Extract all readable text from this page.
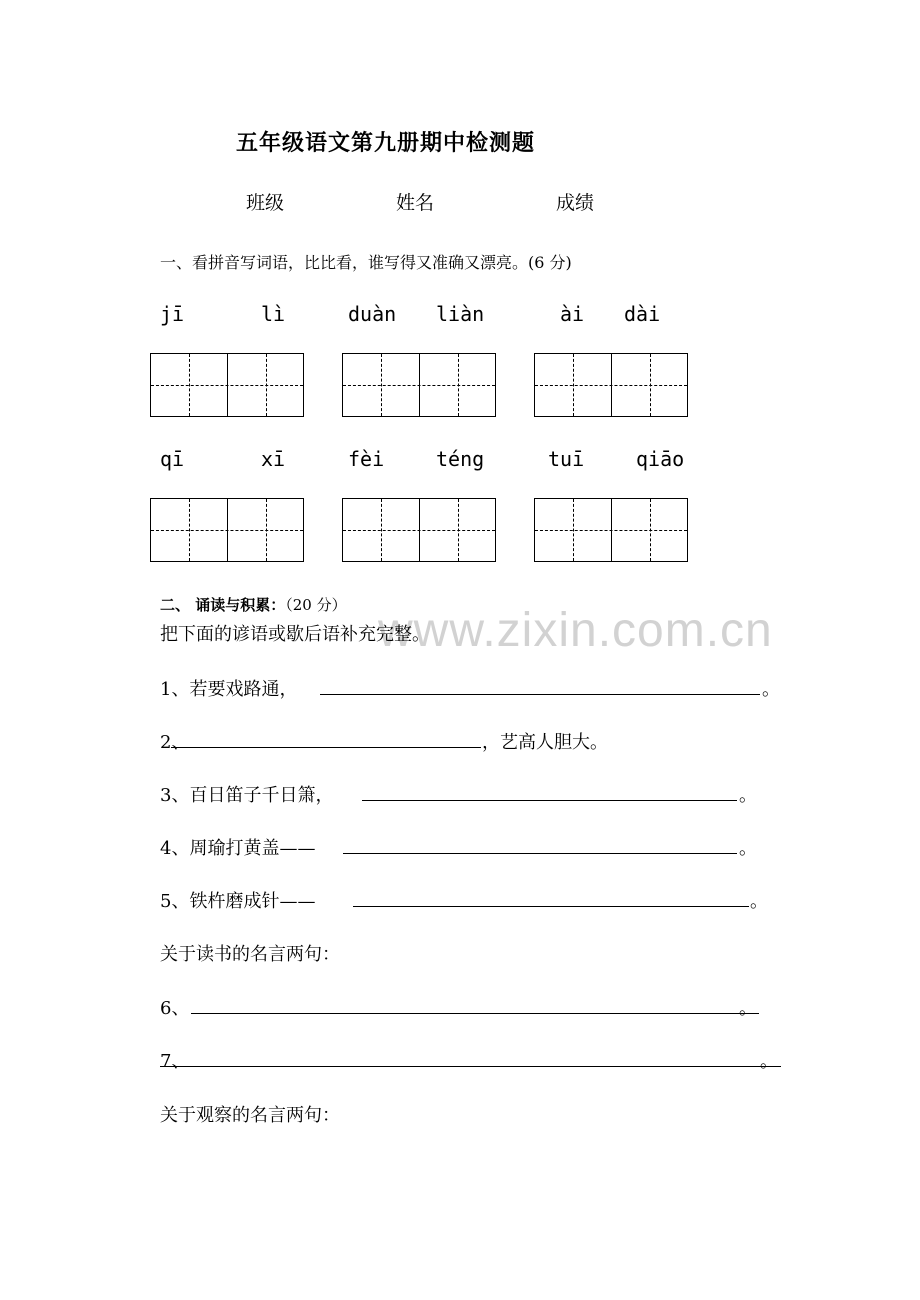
www.zixin.com.cn
五年级语文第九册期中检测题
班级	姓名	成绩
一、看拼音写词语，比比看，谁写得又准确又漂亮。(6 分)
jī	lì	duàn liàn	ài dài
qī	xī	fèi	téng	tuī	qiāo
二、 诵读与积累：（20 分）
把下面的谚语或歇后语补充完整。
1、若要戏路通，	。
2、	，艺高人胆大。
3、百日笛子千日箫，	。
4、周瑜打黄盖——	。
5、铁杵磨成针——	。
关于读书的名言两句：
6、	。
7、	。
关于观察的名言两句：
